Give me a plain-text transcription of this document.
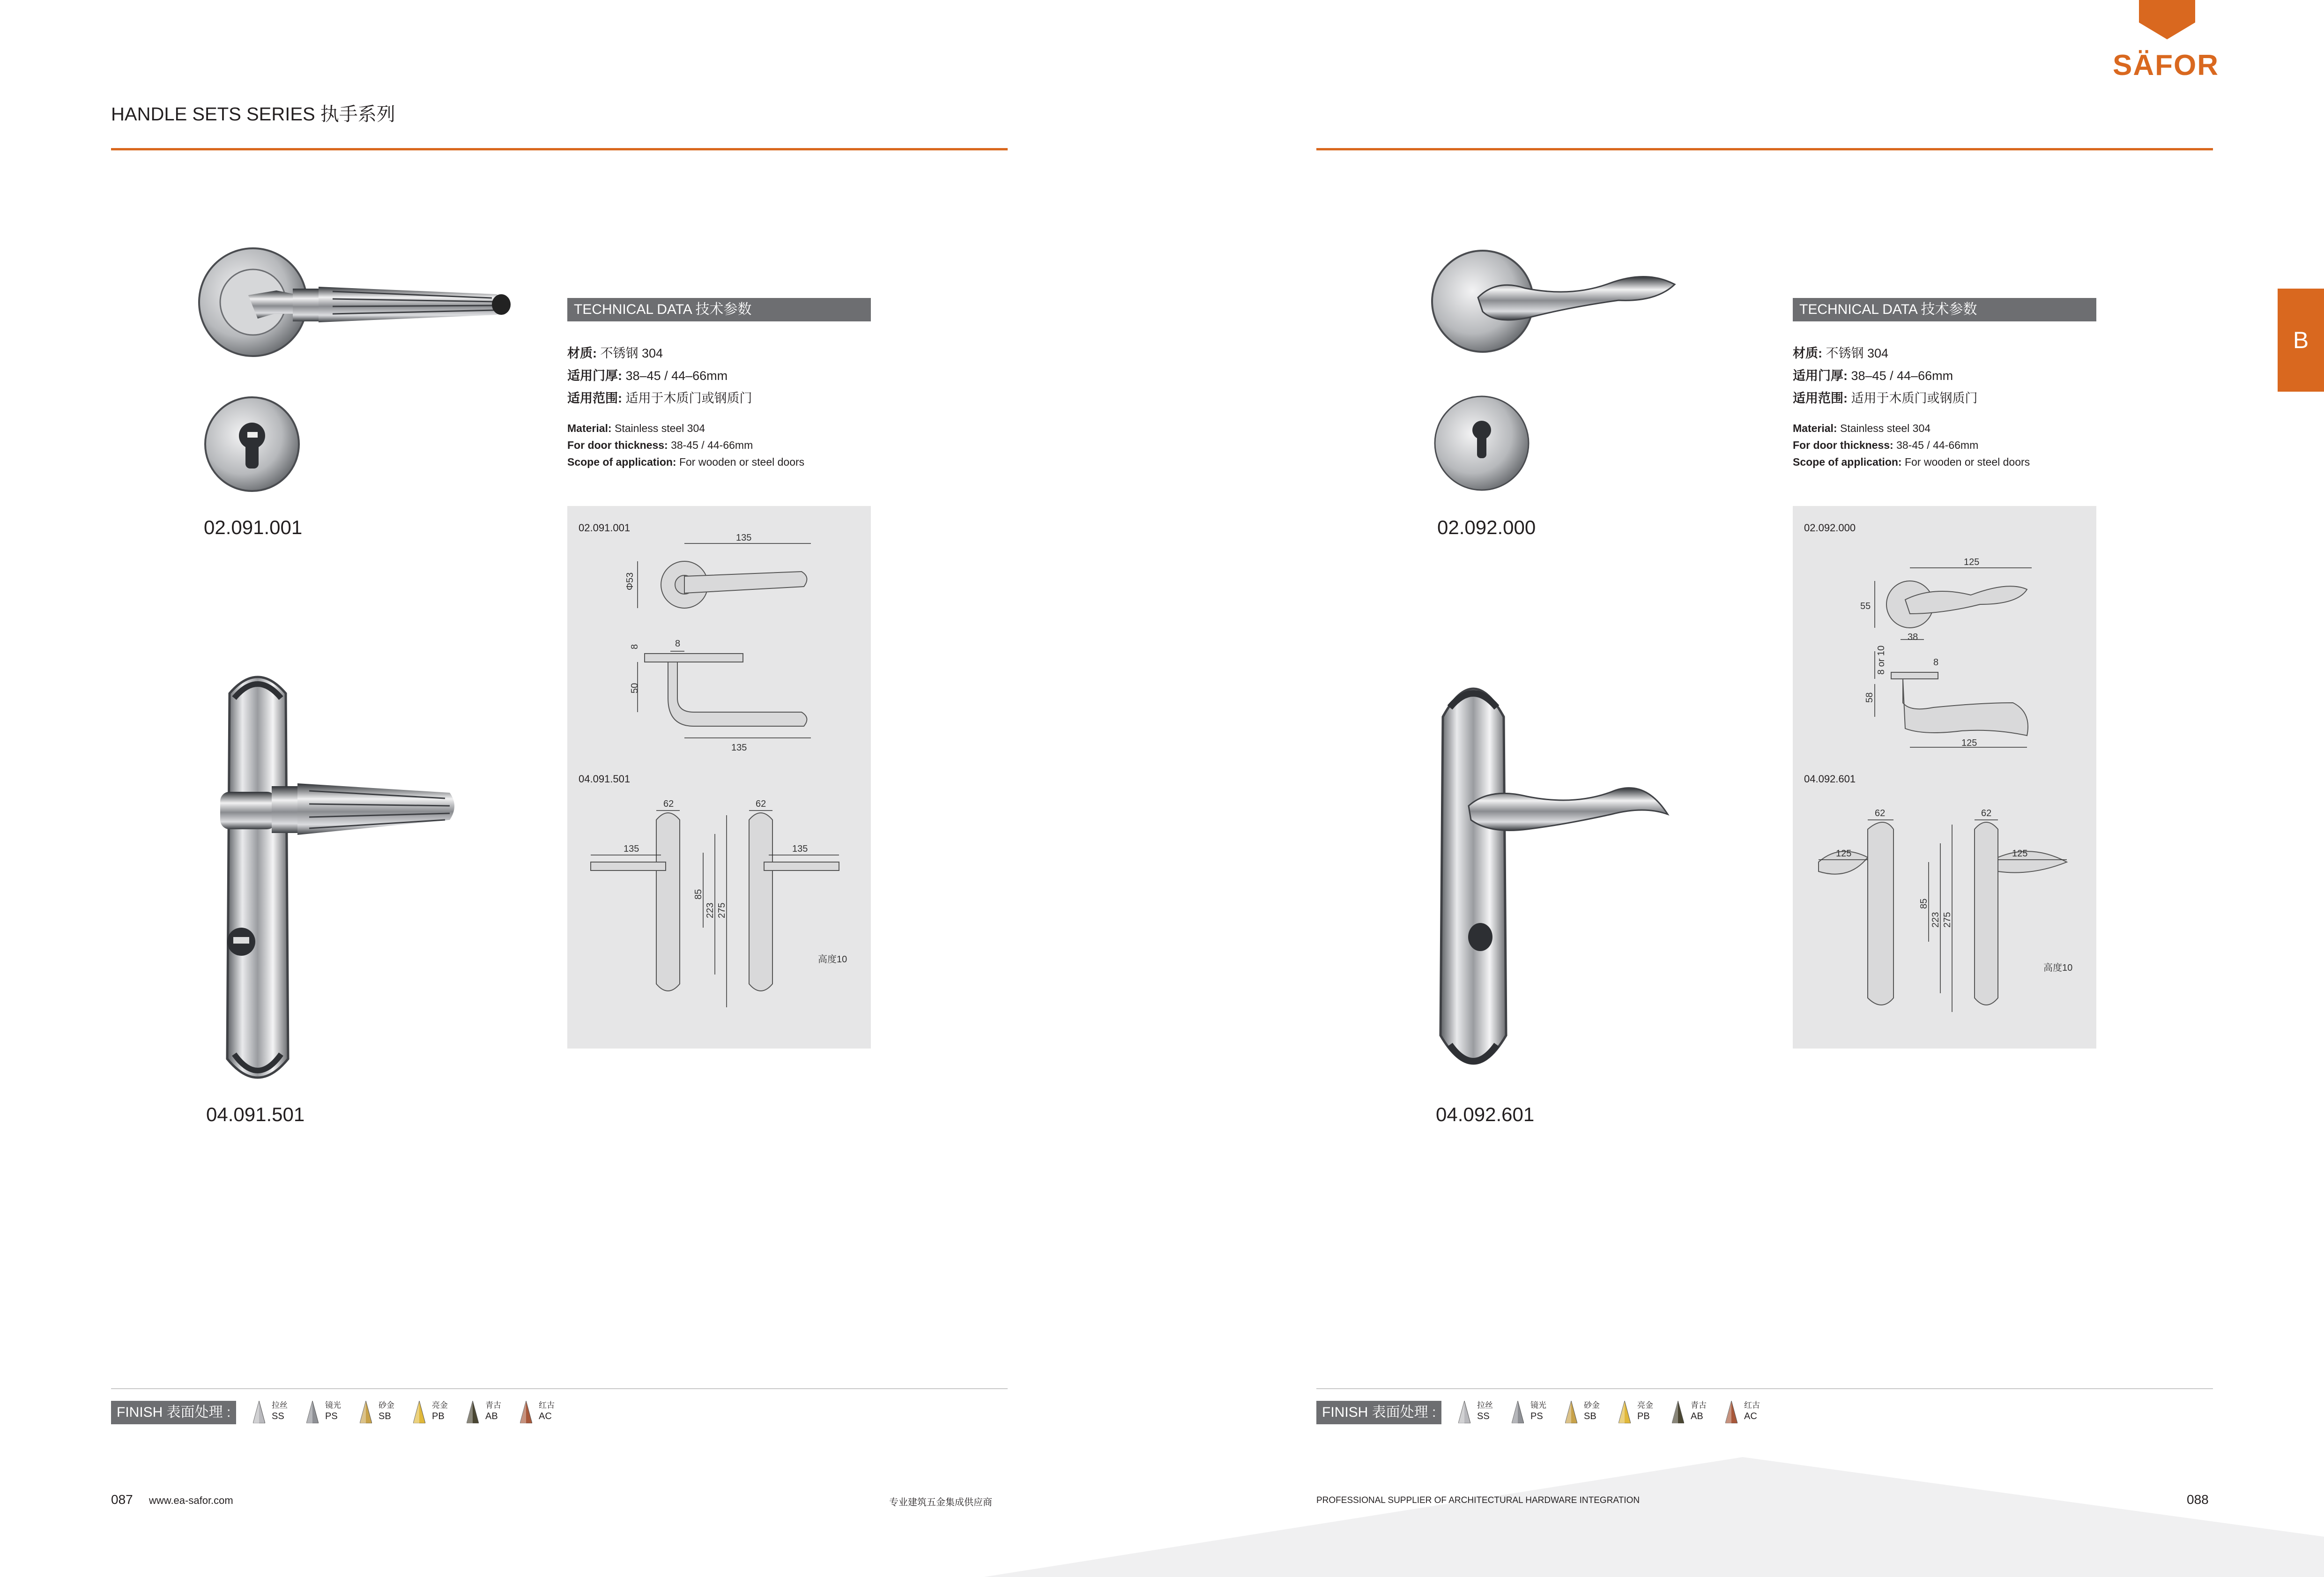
HANDLE SETS SERIES 执手系列
SÄFOR
B
02.091.001
04.091.501
TECHNICAL DATA 技术参数
材质: 不锈钢 304
适用门厚: 38–45 / 44–66mm
适用范围: 适用于木质门或钢质门
Material: Stainless steel 304
For door thickness: 38-45 / 44-66mm
Scope of application: For wooden or steel doors
02.091.001
04.091.501
135
Φ53
8
8
50
135
62	62
135	135
85
223 275
高度10
02.092.000
04.092.601
TECHNICAL DATA 技术参数
材质: 不锈钢 304
适用门厚: 38–45 / 44–66mm
适用范围: 适用于木质门或钢质门
Material: Stainless steel 304
For door thickness: 38-45 / 44-66mm
Scope of application: For wooden or steel doors
02.092.000
04.092.601
125
55
38
8 or 10	8
58
125
62	62
125	125
85
223 275
高度10
FINISH 表面处理 :	拉丝
SS
镜光
PS
砂金
SB
亮金
PB
青古
AB
红古
AC	FINISH 表面处理 :	拉丝
SS
镜光
PS
砂金
SB
亮金
PB
青古
AB
红古
AC
087 www.ea-safor.com	专业建筑五金集成供应商	PROFESSIONAL SUPPLIER OF ARCHITECTURAL HARDWARE INTEGRATION	088
